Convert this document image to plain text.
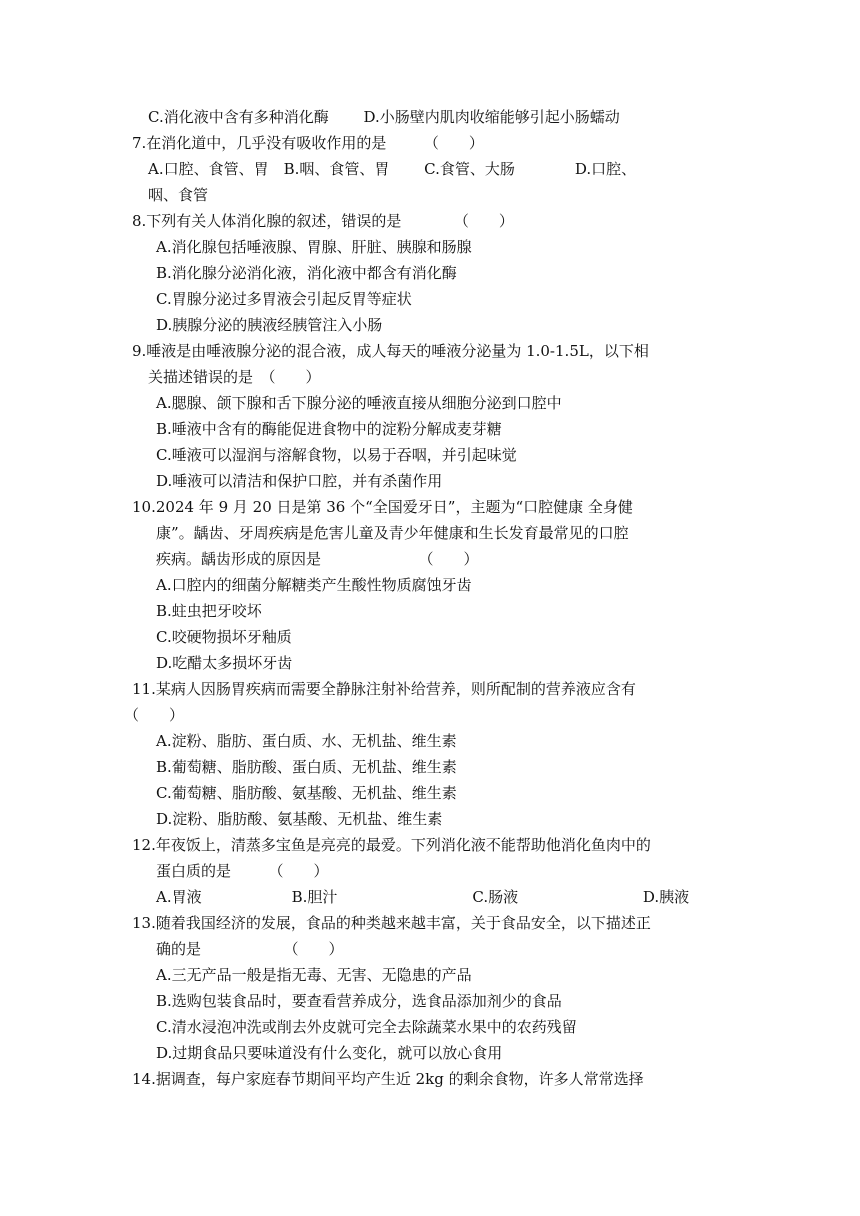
C.消化液中含有多种消化酶　　 D.小肠壁内肌肉收缩能够引起小肠蠕动
7.在消化道中，几乎没有吸收作用的是　　　（　　）
A.口腔、食管、胃　B.咽、食管、胃　　 C.食管、大肠　　　　D.口腔、
咽、食管
8.下列有关人体消化腺的叙述，错误的是　　　　（　　）
A.消化腺包括唾液腺、胃腺、肝脏、胰腺和肠腺
B.消化腺分泌消化液，消化液中都含有消化酶
C.胃腺分泌过多胃液会引起反胃等症状
D.胰腺分泌的胰液经胰管注入小肠
9.唾液是由唾液腺分泌的混合液，成人每天的唾液分泌量为 1.0-1.5L，以下相
关描述错误的是　（　　）
A.腮腺、颌下腺和舌下腺分泌的唾液直接从细胞分泌到口腔中
B.唾液中含有的酶能促进食物中的淀粉分解成麦芽糖
C.唾液可以湿润与溶解食物，以易于吞咽，并引起味觉
D.唾液可以清洁和保护口腔，并有杀菌作用
10.2024 年 9 月 20 日是第 36 个“全国爱牙日”，主题为“口腔健康 全身健
康”。龋齿、牙周疾病是危害儿童及青少年健康和生长发育最常见的口腔
疾病。龋齿形成的原因是　　　　　　　（　　）
A.口腔内的细菌分解糖类产生酸性物质腐蚀牙齿
B.蛀虫把牙咬坏
C.咬硬物损坏牙釉质
D.吃醋太多损坏牙齿
11.某病人因肠胃疾病而需要全静脉注射补给营养，则所配制的营养液应含有
（　　）
A.淀粉、脂肪、蛋白质、水、无机盐、维生素
B.葡萄糖、脂肪酸、蛋白质、无机盐、维生素
C.葡萄糖、脂肪酸、氨基酸、无机盐、维生素
D.淀粉、脂肪酸、氨基酸、无机盐、维生素
12.年夜饭上，清蒸多宝鱼是亮亮的最爱。下列消化液不能帮助他消化鱼肉中的
蛋白质的是　　　（　　）
A.胃液　　　　　　B.胆汁　　　　　　　　　C.肠液　　　　　　　　 D.胰液
13.随着我国经济的发展，食品的种类越来越丰富，关于食品安全，以下描述正
确的是　　　　　　（　　）
A.三无产品一般是指无毒、无害、无隐患的产品
B.选购包装食品时，要查看营养成分，选食品添加剂少的食品
C.清水浸泡冲洗或削去外皮就可完全去除蔬菜水果中的农药残留
D.过期食品只要味道没有什么变化，就可以放心食用
14.据调查，每户家庭春节期间平均产生近 2kg 的剩余食物，许多人常常选择
